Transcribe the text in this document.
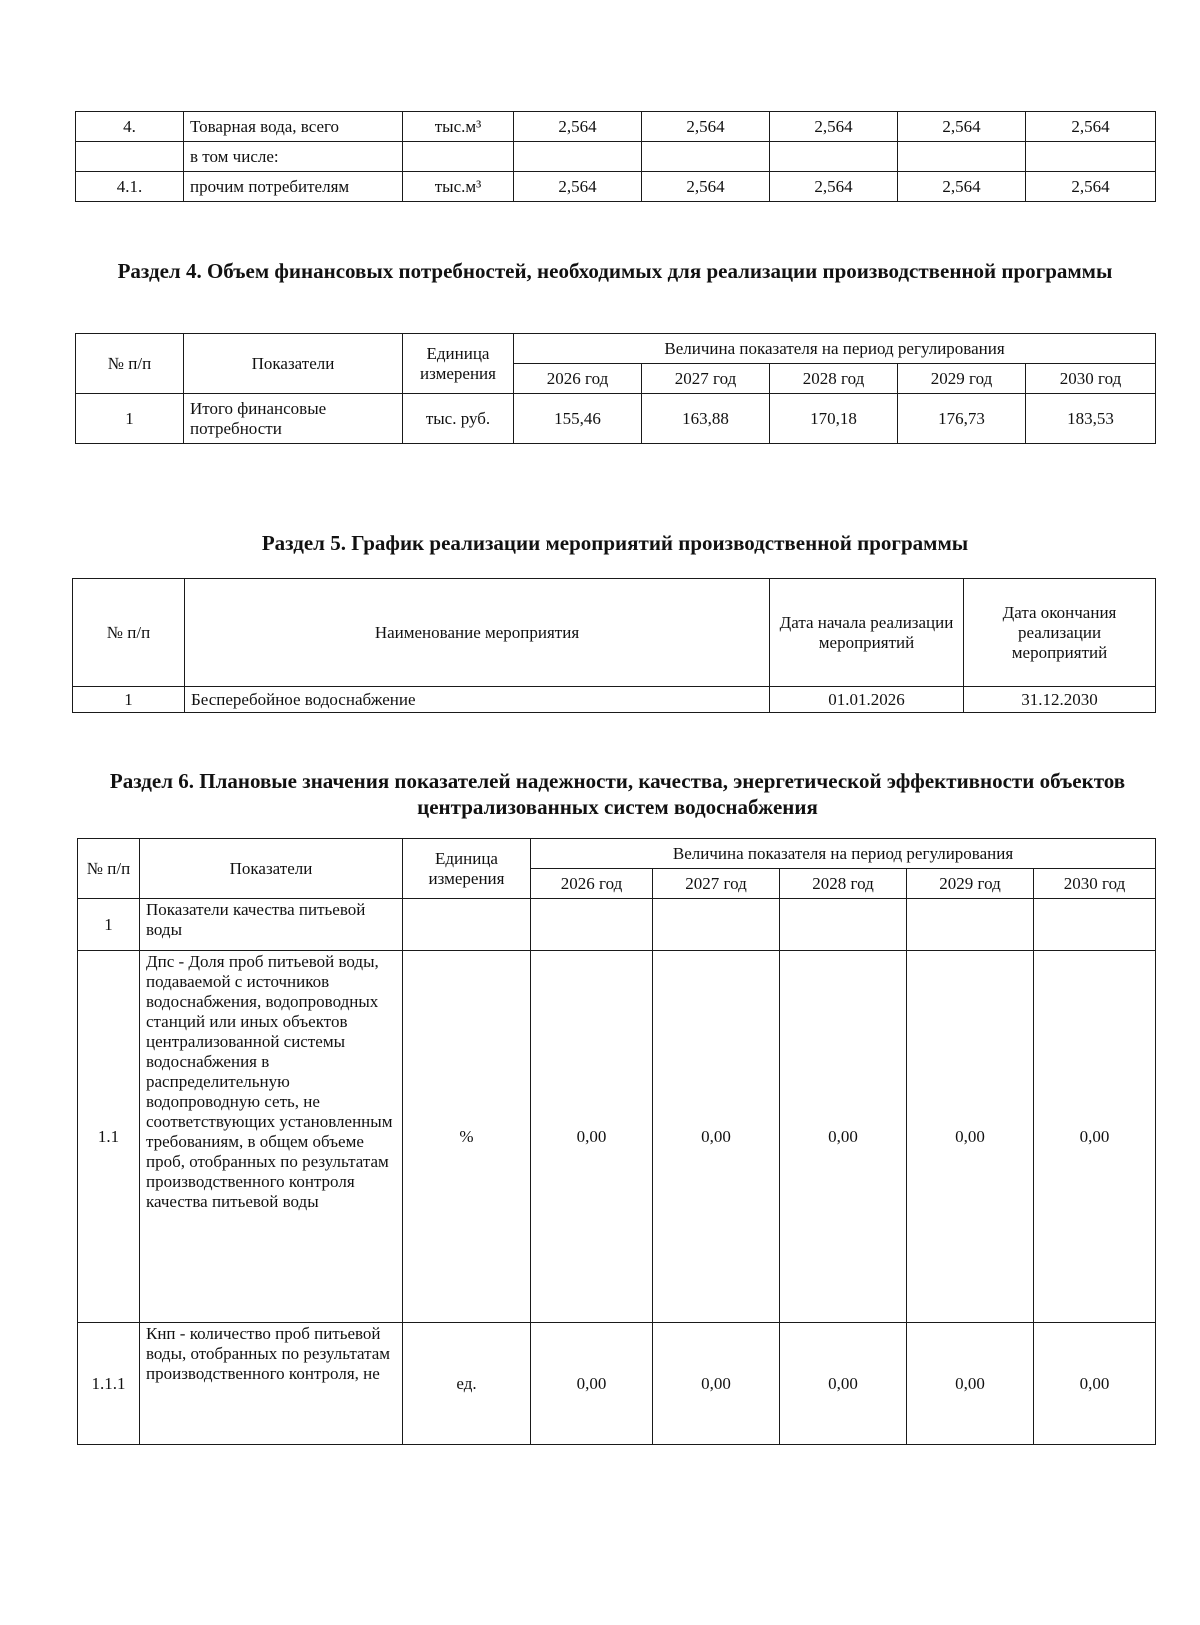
4.	Товарная вода, всего	тыс.м³	2,564	2,564	2,564	2,564	2,564
	в том числе:						
4.1.	прочим потребителям	тыс.м³	2,564	2,564	2,564	2,564	2,564
Раздел 4. Объем финансовых потребностей, необходимых для реализации производственной программы
№ п/п	Показатели	Единица измерения	Величина показателя на период регулирования				
			2026 год	2027 год	2028 год	2029 год	2030 год
1	Итого финансовые потребности	тыс. руб.	155,46	163,88	170,18	176,73	183,53
Раздел 5. График реализации мероприятий производственной программы
№ п/п	Наименование мероприятия	Дата начала реализации мероприятий	Дата окончания реализации мероприятий
1	Бесперебойное водоснабжение	01.01.2026	31.12.2030
Раздел 6. Плановые значения показателей надежности, качества, энергетической эффективности объектов централизованных систем водоснабжения
№ п/п	Показатели	Единица измерения	Величина показателя на период регулирования				
			2026 год	2027 год	2028 год	2029 год	2030 год
1	Показатели качества питьевой воды						
1.1	Дпс - Доля проб питьевой воды, подаваемой с источников водоснабжения, водопроводных станций или иных объектов централизованной системы водоснабжения в распределительную водопроводную сеть, не соответствующих установленным требованиям, в общем объеме проб, отобранных по результатам производственного контроля качества питьевой воды	%	0,00	0,00	0,00	0,00	0,00
1.1.1	Кнп - количество проб питьевой воды, отобранных по результатам производственного контроля, не	ед.	0,00	0,00	0,00	0,00	0,00
